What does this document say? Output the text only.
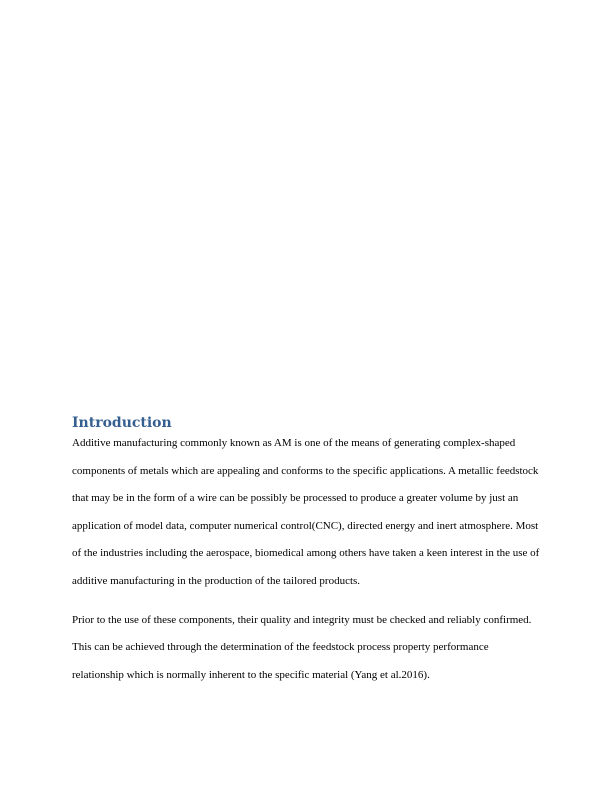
Introduction

Additive manufacturing commonly known as AM is one of the means of generating complex-shaped components of metals which are appealing and conforms to the specific applications. A metallic feedstock that may be in the form of a wire can be possibly be processed to produce a greater volume by just an application of model data, computer numerical control(CNC), directed energy and inert atmosphere. Most of the industries including the aerospace, biomedical among others have taken a keen interest in the use of additive manufacturing in the production of the tailored products.

Prior to the use of these components, their quality and integrity must be checked and reliably confirmed. This can be achieved through the determination of the feedstock process property performance relationship which is normally inherent to the specific material (Yang et al.2016).
